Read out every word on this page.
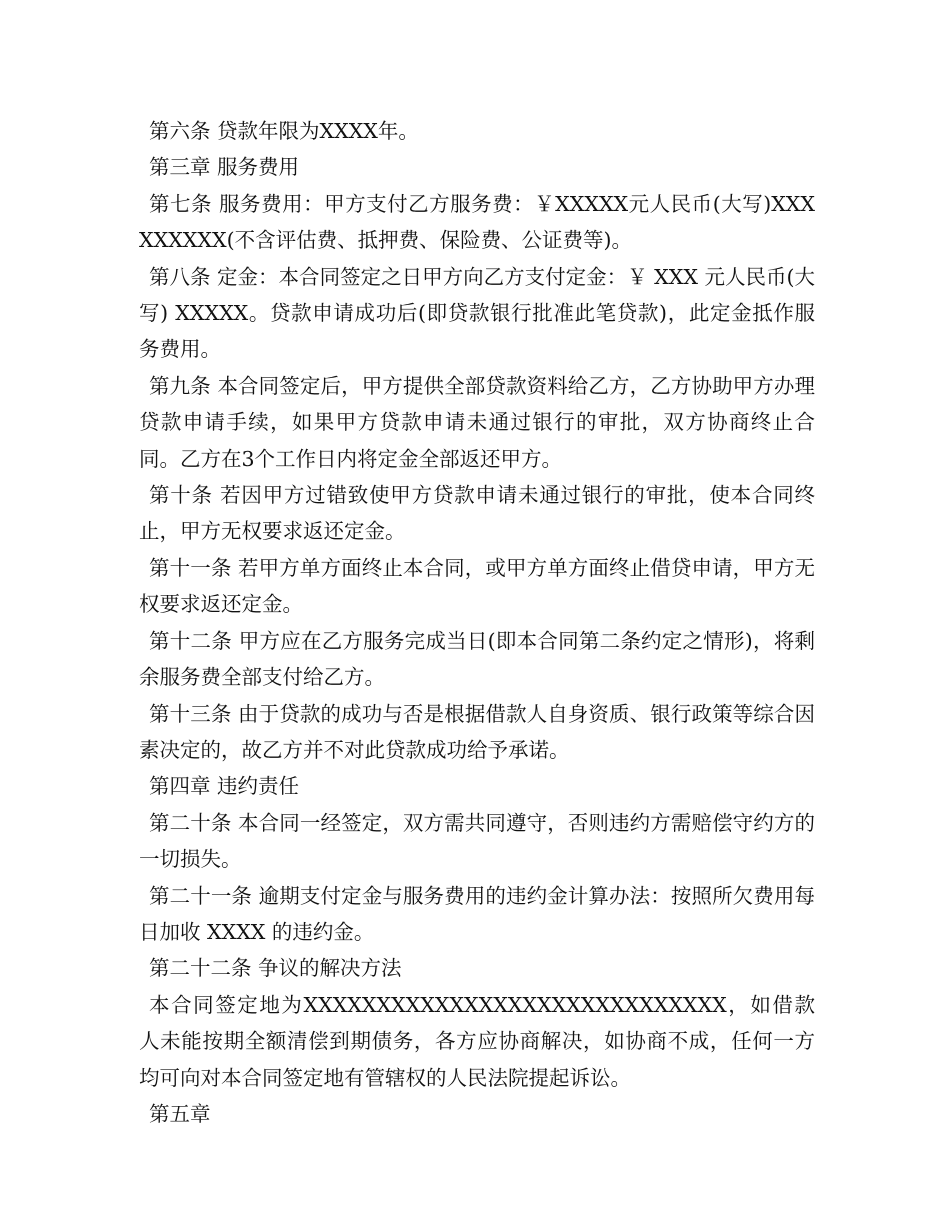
第六条 贷款年限为XXXX年。

第三章 服务费用

第七条 服务费用：甲方支付乙方服务费：￥XXXXX元人民币(大写)XXXXXXXXX(不含评估费、抵押费、保险费、公证费等)。

第八条 定金：本合同签定之日甲方向乙方支付定金：￥ XXX 元人民币(大写) XXXXX。贷款申请成功后(即贷款银行批准此笔贷款)，此定金抵作服务费用。

第九条 本合同签定后，甲方提供全部贷款资料给乙方，乙方协助甲方办理贷款申请手续，如果甲方贷款申请未通过银行的审批，双方协商终止合同。乙方在3个工作日内将定金全部返还甲方。

第十条 若因甲方过错致使甲方贷款申请未通过银行的审批，使本合同终止，甲方无权要求返还定金。

第十一条 若甲方单方面终止本合同，或甲方单方面终止借贷申请，甲方无权要求返还定金。

第十二条 甲方应在乙方服务完成当日(即本合同第二条约定之情形)，将剩余服务费全部支付给乙方。

第十三条 由于贷款的成功与否是根据借款人自身资质、银行政策等综合因素决定的，故乙方并不对此贷款成功给予承诺。

第四章 违约责任

第二十条 本合同一经签定，双方需共同遵守，否则违约方需赔偿守约方的一切损失。

第二十一条 逾期支付定金与服务费用的违约金计算办法：按照所欠费用每日加收 XXXX 的违约金。

第二十二条 争议的解决方法

本合同签定地为XXXXXXXXXXXXXXXXXXXXXXXXXXXXX，如借款人未能按期全额清偿到期债务，各方应协商解决，如协商不成，任何一方均可向对本合同签定地有管辖权的人民法院提起诉讼。

第五章
